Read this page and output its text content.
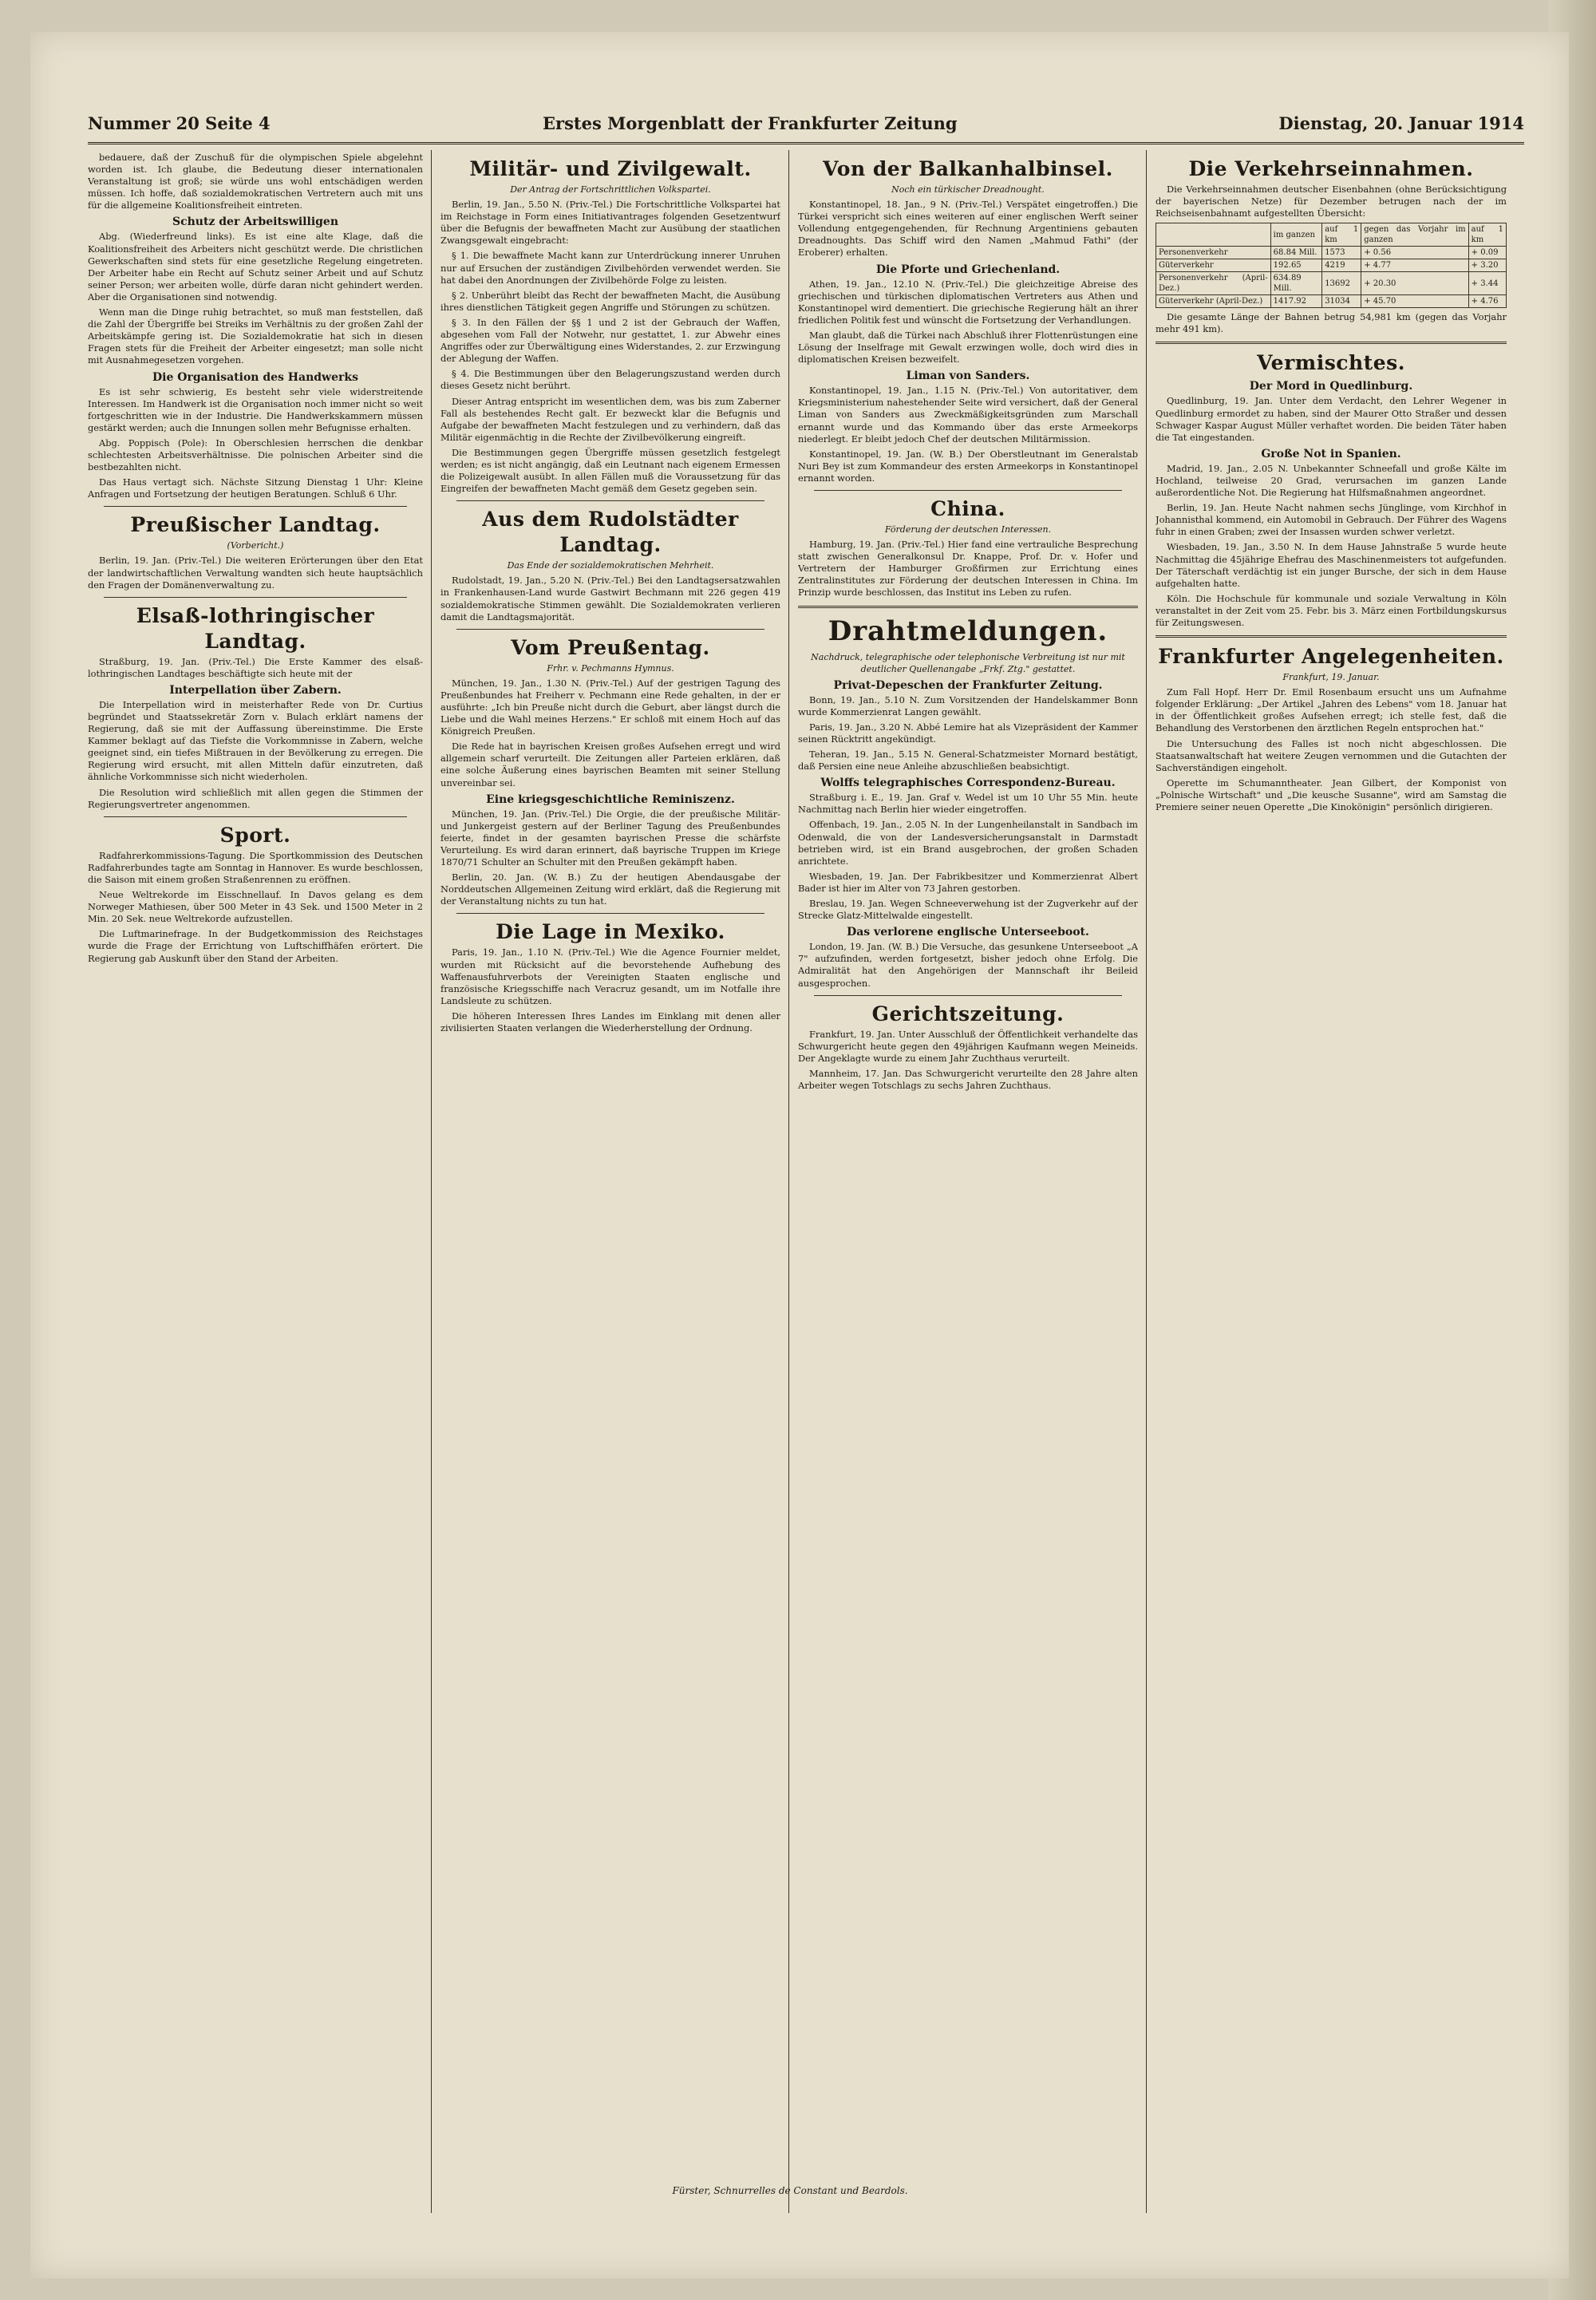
Nummer 20 Seite 4	Erstes Morgenblatt der Frankfurter Zeitung	Dienstag, 20. Januar 1914

bedauere, daß der Zuschuß für die olympischen Spiele abgelehnt worden ist. Ich glaube, die Bedeutung dieser internationalen Veranstaltung ist groß; sie würde uns wohl entschädigen werden müssen. Ich hoffe, daß sozialdemokratischen Vertretern auch mit uns für die allgemeine Koalitionsfreiheit eintreten.

Schutz der Arbeitswilligen

Abg. (Wiederfreund links). Es ist eine alte Klage, daß die Koalitionsfreiheit des Arbeiters nicht geschützt werde. Die christlichen Gewerkschaften sind stets für eine gesetzliche Regelung eingetreten. Der Arbeiter habe ein Recht auf Schutz seiner Arbeit und auf Schutz seiner Person; wer arbeiten wolle, dürfe daran nicht gehindert werden. Aber die Organisationen sind notwendig.

Wenn man die Dinge ruhig betrachtet, so muß man feststellen, daß die Zahl der Übergriffe bei Streiks im Verhältnis zu der großen Zahl der Arbeitskämpfe gering ist. Die Sozialdemokratie hat sich in diesen Fragen stets für die Freiheit der Arbeiter eingesetzt; man solle nicht mit Ausnahmegesetzen vorgehen.

Die Organisation des Handwerks

Es ist sehr schwierig, Es besteht sehr viele widerstreitende Interessen. Im Handwerk ist die Organisation noch immer nicht so weit fortgeschritten wie in der Industrie. Die Handwerkskammern müssen gestärkt werden; auch die Innungen sollen mehr Befugnisse erhalten.

Abg. Poppisch (Pole): In Oberschlesien herrschen die denkbar schlechtesten Arbeitsverhältnisse. Die polnischen Arbeiter sind die bestbezahlten nicht.

Das Haus vertagt sich. Nächste Sitzung Dienstag 1 Uhr: Kleine Anfragen und Fortsetzung der heutigen Beratungen. Schluß 6 Uhr.

Preußischer Landtag.
(Vorbericht.)

Berlin, 19. Jan. (Priv.-Tel.) Die weiteren Erörterungen über den Etat der landwirtschaftlichen Verwaltung wandten sich heute hauptsächlich den Fragen der Domänenverwaltung zu.

Elsaß-lothringischer Landtag.

Straßburg, 19. Jan. (Priv.-Tel.) Die Erste Kammer des elsaß-lothringischen Landtages beschäftigte sich heute mit der

Interpellation über Zabern.

Die Interpellation wird in meisterhafter Rede von Dr. Curtius begründet und Staatssekretär Zorn v. Bulach erklärt namens der Regierung, daß sie mit der Auffassung übereinstimme. Die Erste Kammer beklagt auf das Tiefste die Vorkommnisse in Zabern, welche geeignet sind, ein tiefes Mißtrauen in der Bevölkerung zu erregen. Die Regierung wird ersucht, mit allen Mitteln dafür einzutreten, daß ähnliche Vorkommnisse sich nicht wiederholen.

Die Resolution wird schließlich mit allen gegen die Stimmen der Regierungsvertreter angenommen.

Sport.

Radfahrerkommissions-Tagung. Die Sportkommission des Deutschen Radfahrerbundes tagte am Sonntag in Hannover. Es wurde beschlossen, die Saison mit einem großen Straßenrennen zu eröffnen.

Neue Weltrekorde im Eisschnellauf. In Davos gelang es dem Norweger Mathiesen, über 500 Meter in 43 Sek. und 1500 Meter in 2 Min. 20 Sek. neue Weltrekorde aufzustellen.

Die Luftmarinefrage. In der Budgetkommission des Reichstages wurde die Frage der Errichtung von Luftschiffhäfen erörtert. Die Regierung gab Auskunft über den Stand der Arbeiten.

Militär- und Zivilgewalt.
Der Antrag der Fortschrittlichen Volkspartei.

Berlin, 19. Jan., 5.50 N. (Priv.-Tel.) Die Fortschrittliche Volkspartei hat im Reichstage in Form eines Initiativantrages folgenden Gesetzentwurf über die Befugnis der bewaffneten Macht zur Ausübung der staatlichen Zwangsgewalt eingebracht:

§ 1. Die bewaffnete Macht kann zur Unterdrückung innerer Unruhen nur auf Ersuchen der zuständigen Zivilbehörden verwendet werden. Sie hat dabei den Anordnungen der Zivilbehörde Folge zu leisten.

§ 2. Unberührt bleibt das Recht der bewaffneten Macht, die Ausübung ihres dienstlichen Tätigkeit gegen Angriffe und Störungen zu schützen.

§ 3. In den Fällen der §§ 1 und 2 ist der Gebrauch der Waffen, abgesehen vom Fall der Notwehr, nur gestattet, 1. zur Abwehr eines Angriffes oder zur Überwältigung eines Widerstandes, 2. zur Erzwingung der Ablegung der Waffen.

§ 4. Die Bestimmungen über den Belagerungszustand werden durch dieses Gesetz nicht berührt.

Dieser Antrag entspricht im wesentlichen dem, was bis zum Zaberner Fall als bestehendes Recht galt. Er bezweckt klar die Befugnis und Aufgabe der bewaffneten Macht festzulegen und zu verhindern, daß das Militär eigenmächtig in die Rechte der Zivilbevölkerung eingreift.

Die Bestimmungen gegen Übergriffe müssen gesetzlich festgelegt werden; es ist nicht angängig, daß ein Leutnant nach eigenem Ermessen die Polizeigewalt ausübt. In allen Fällen muß die Voraussetzung für das Eingreifen der bewaffneten Macht gemäß dem Gesetz gegeben sein.

Aus dem Rudolstädter Landtag.
Das Ende der sozialdemokratischen Mehrheit.

Rudolstadt, 19. Jan., 5.20 N. (Priv.-Tel.) Bei den Landtagsersatzwahlen in Frankenhausen-Land wurde Gastwirt Bechmann mit 226 gegen 419 sozialdemokratische Stimmen gewählt. Die Sozialdemokraten verlieren damit die Landtagsmajorität.

Vom Preußentag.
Frhr. v. Pechmanns Hymnus.

München, 19. Jan., 1.30 N. (Priv.-Tel.) Auf der gestrigen Tagung des Preußenbundes hat Freiherr v. Pechmann eine Rede gehalten, in der er ausführte: „Ich bin Preuße nicht durch die Geburt, aber längst durch die Liebe und die Wahl meines Herzens." Er schloß mit einem Hoch auf das Königreich Preußen.

Die Rede hat in bayrischen Kreisen großes Aufsehen erregt und wird allgemein scharf verurteilt. Die Zeitungen aller Parteien erklären, daß eine solche Äußerung eines bayrischen Beamten mit seiner Stellung unvereinbar sei.

Eine kriegsgeschichtliche Reminiszenz.

München, 19. Jan. (Priv.-Tel.) Die Orgie, die der preußische Militär- und Junkergeist gestern auf der Berliner Tagung des Preußenbundes feierte, findet in der gesamten bayrischen Presse die schärfste Verurteilung. Es wird daran erinnert, daß bayrische Truppen im Kriege 1870/71 Schulter an Schulter mit den Preußen gekämpft haben.

Berlin, 20. Jan. (W. B.) Zu der heutigen Abendausgabe der Norddeutschen Allgemeinen Zeitung wird erklärt, daß die Regierung mit der Veranstaltung nichts zu tun hat.

Die Lage in Mexiko.

Paris, 19. Jan., 1.10 N. (Priv.-Tel.) Wie die Agence Fournier meldet, wurden mit Rücksicht auf die bevorstehende Aufhebung des Waffenausfuhrverbots der Vereinigten Staaten englische und französische Kriegsschiffe nach Veracruz gesandt, um im Notfalle ihre Landsleute zu schützen.

Die höheren Interessen Ihres Landes im Einklang mit denen aller zivilisierten Staaten verlangen die Wiederherstellung der Ordnung.

Von der Balkanhalbinsel.
Noch ein türkischer Dreadnought.

Konstantinopel, 18. Jan., 9 N. (Priv.-Tel.) Verspätet eingetroffen.) Die Türkei verspricht sich eines weiteren auf einer englischen Werft seiner Vollendung entgegengehenden, für Rechnung Argentiniens gebauten Dreadnoughts. Das Schiff wird den Namen „Mahmud Fathi" (der Eroberer) erhalten.

Die Pforte und Griechenland.

Athen, 19. Jan., 12.10 N. (Priv.-Tel.) Die gleichzeitige Abreise des griechischen und türkischen diplomatischen Vertreters aus Athen und Konstantinopel wird dementiert. Die griechische Regierung hält an ihrer friedlichen Politik fest und wünscht die Fortsetzung der Verhandlungen.

Man glaubt, daß die Türkei nach Abschluß ihrer Flottenrüstungen eine Lösung der Inselfrage mit Gewalt erzwingen wolle, doch wird dies in diplomatischen Kreisen bezweifelt.

Liman von Sanders.

Konstantinopel, 19. Jan., 1.15 N. (Priv.-Tel.) Von autoritativer, dem Kriegsministerium nahestehender Seite wird versichert, daß der General Liman von Sanders aus Zweckmäßigkeitsgründen zum Marschall ernannt wurde und das Kommando über das erste Armeekorps niederlegt. Er bleibt jedoch Chef der deutschen Militärmission.

Konstantinopel, 19. Jan. (W. B.) Der Oberstleutnant im Generalstab Nuri Bey ist zum Kommandeur des ersten Armeekorps in Konstantinopel ernannt worden.

China.
Förderung der deutschen Interessen.

Hamburg, 19. Jan. (Priv.-Tel.) Hier fand eine vertrauliche Besprechung statt zwischen Generalkonsul Dr. Knappe, Prof. Dr. v. Hofer und Vertretern der Hamburger Großfirmen zur Errichtung eines Zentralinstitutes zur Förderung der deutschen Interessen in China. Im Prinzip wurde beschlossen, das Institut ins Leben zu rufen.

Drahtmeldungen.
Nachdruck, telegraphische oder telephonische Verbreitung ist nur mit deutlicher Quellenangabe „Frkf. Ztg." gestattet.
Privat-Depeschen der Frankfurter Zeitung.

Bonn, 19. Jan., 5.10 N. Zum Vorsitzenden der Handelskammer Bonn wurde Kommerzienrat Langen gewählt.

Paris, 19. Jan., 3.20 N. Abbé Lemire hat als Vizepräsident der Kammer seinen Rücktritt angekündigt.

Teheran, 19. Jan., 5.15 N. General-Schatzmeister Mornard bestätigt, daß Persien eine neue Anleihe abzuschließen beabsichtigt.

Wolffs telegraphisches Correspondenz-Bureau.

Straßburg i. E., 19. Jan. Graf v. Wedel ist um 10 Uhr 55 Min. heute Nachmittag nach Berlin hier wieder eingetroffen.

Offenbach, 19. Jan., 2.05 N. In der Lungenheilanstalt in Sandbach im Odenwald, die von der Landesversicherungsanstalt in Darmstadt betrieben wird, ist ein Brand ausgebrochen, der großen Schaden anrichtete.

Wiesbaden, 19. Jan. Der Fabrikbesitzer und Kommerzienrat Albert Bader ist hier im Alter von 73 Jahren gestorben.

Breslau, 19. Jan. Wegen Schneeverwehung ist der Zugverkehr auf der Strecke Glatz-Mittelwalde eingestellt.

Das verlorene englische Unterseeboot.

London, 19. Jan. (W. B.) Die Versuche, das gesunkene Unterseeboot „A 7" aufzufinden, werden fortgesetzt, bisher jedoch ohne Erfolg. Die Admiralität hat den Angehörigen der Mannschaft ihr Beileid ausgesprochen.

Gerichtszeitung.

Frankfurt, 19. Jan. Unter Ausschluß der Öffentlichkeit verhandelte das Schwurgericht heute gegen den 49jährigen Kaufmann wegen Meineids. Der Angeklagte wurde zu einem Jahr Zuchthaus verurteilt.

Mannheim, 17. Jan. Das Schwurgericht verurteilte den 28 Jahre alten Arbeiter wegen Totschlags zu sechs Jahren Zuchthaus.

Die Verkehrseinnahmen.

Die Verkehrseinnahmen deutscher Eisenbahnen (ohne Berücksichtigung der bayerischen Netze) für Dezember betrugen nach der im Reichseisenbahnamt aufgestellten Übersicht:

	im ganzen	auf 1 km	gegen das Vorjahr im ganzen	auf 1 km
Personenverkehr	68.84 Mill.	1573	+ 0.56	+ 0.09
Güterverkehr	192.65	4219	+ 4.77	+ 3.20
Personenverkehr (April-Dez.)	634.89 Mill.	13692	+ 20.30	+ 3.44
Güterverkehr (April-Dez.)	1417.92	31034	+ 45.70	+ 4.76

Die gesamte Länge der Bahnen betrug 54,981 km (gegen das Vorjahr mehr 491 km).

Vermischtes.
Der Mord in Quedlinburg.

Quedlinburg, 19. Jan. Unter dem Verdacht, den Lehrer Wegener in Quedlinburg ermordet zu haben, sind der Maurer Otto Straßer und dessen Schwager Kaspar August Müller verhaftet worden. Die beiden Täter haben die Tat eingestanden.

Große Not in Spanien.

Madrid, 19. Jan., 2.05 N. Unbekannter Schneefall und große Kälte im Hochland, teilweise 20 Grad, verursachen im ganzen Lande außerordentliche Not. Die Regierung hat Hilfsmaßnahmen angeordnet.

Berlin, 19. Jan. Heute Nacht nahmen sechs Jünglinge, vom Kirchhof in Johannisthal kommend, ein Automobil in Gebrauch. Der Führer des Wagens fuhr in einen Graben; zwei der Insassen wurden schwer verletzt.

Wiesbaden, 19. Jan., 3.50 N. In dem Hause Jahnstraße 5 wurde heute Nachmittag die 45jährige Ehefrau des Maschinenmeisters tot aufgefunden. Der Täterschaft verdächtig ist ein junger Bursche, der sich in dem Hause aufgehalten hatte.

Köln. Die Hochschule für kommunale und soziale Verwaltung in Köln veranstaltet in der Zeit vom 25. Febr. bis 3. März einen Fortbildungskursus für Zeitungswesen.

Frankfurter Angelegenheiten.
Frankfurt, 19. Januar.

Zum Fall Hopf. Herr Dr. Emil Rosenbaum ersucht uns um Aufnahme folgender Erklärung: „Der Artikel „Jahren des Lebens" vom 18. Januar hat in der Öffentlichkeit großes Aufsehen erregt; ich stelle fest, daß die Behandlung des Verstorbenen den ärztlichen Regeln entsprochen hat."

Die Untersuchung des Falles ist noch nicht abgeschlossen. Die Staatsanwaltschaft hat weitere Zeugen vernommen und die Gutachten der Sachverständigen eingeholt.

Operette im Schumanntheater. Jean Gilbert, der Komponist von „Polnische Wirtschaft" und „Die keusche Susanne", wird am Samstag die Premiere seiner neuen Operette „Die Kinokönigin" persönlich dirigieren.

Fürster, Schnurrelles de Constant und Beardols.
